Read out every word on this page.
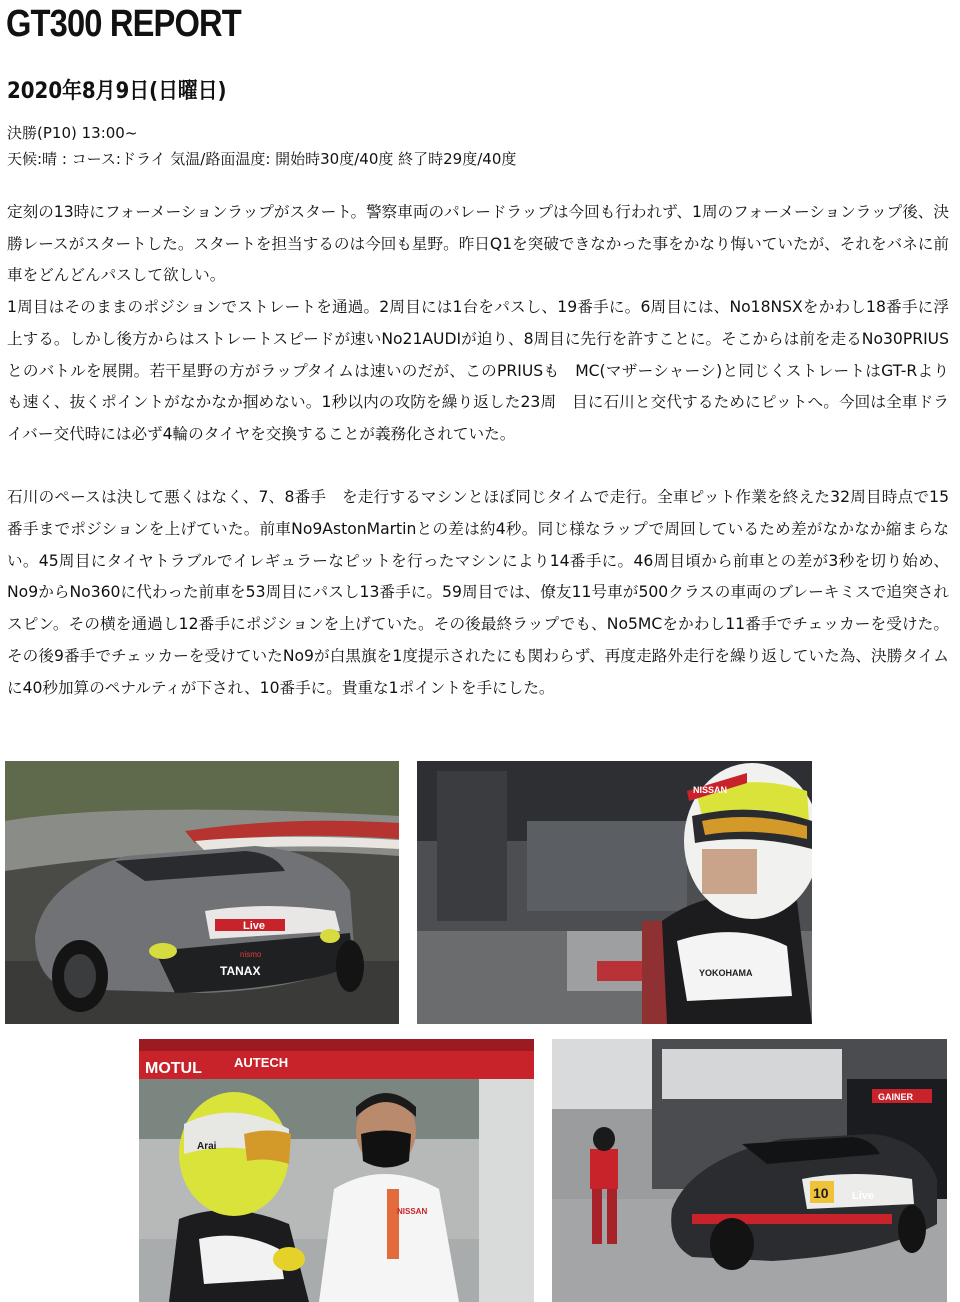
GT300 REPORT
2020年8月9日(日曜日)
決勝(P10) 13:00~
天候:晴 : コース:ドライ 気温/路面温度: 開始時30度/40度 終了時29度/40度

定刻の13時にフォーメーションラップがスタート。警察車両のパレードラップは今回も行われず、1周のフォーメーションラップ後、決勝レースがスタートした。スタートを担当するのは今回も星野。昨日Q1を突破できなかった事をかなり悔いていたが、それをバネに前車をどんどんパスして欲しい。

1周目はそのままのポジションでストレートを通過。2周目には1台をパスし、19番手に。6周目には、No18NSXをかわし18番手に浮上する。しかし後方からはストレートスピードが速いNo21AUDIが迫り、8周目に先行を許すことに。そこからは前を走るNo30PRIUSとのバトルを展開。若干星野の方がラップタイムは速いのだが、このPRIUSも　MC(マザーシャーシ)と同じくストレートはGT-Rよりも速く、抜くポイントがなかなか掴めない。1秒以内の攻防を繰り返した23周　目に石川と交代するためにピットへ。今回は全車ドライバー交代時には必ず4輪のタイヤを交換することが義務化されていた。

石川のペースは決して悪くはなく、7、8番手　を走行するマシンとほぼ同じタイムで走行。全車ピット作業を終えた32周目時点で15番手までポジションを上げていた。前車No9AstonMartinとの差は約4秒。同じ様なラップで周回しているため差がなかなか縮まらない。45周目にタイヤトラブルでイレギュラーなピットを行ったマシンにより14番手に。46周目頃から前車との差が3秒を切り始め、No9からNo360に代わった前車を53周目にパスし13番手に。59周目では、僚友11号車が500クラスの車両のブレーキミスで追突されスピン。その横を通過し12番手にポジションを上げていた。その後最終ラップでも、No5MCをかわし11番手でチェッカーを受けた。その後9番手でチェッカーを受けていたNo9が白黒旗を1度提示されたにも関わらず、再度走路外走行を繰り返していた為、決勝タイムに40秒加算のペナルティが下され、10番手に。貴重な1ポイントを手にした。

Live
TANAX
nismo
YOKOHAMA
NISSAN
MOTUL AUTECH
NISSAN
Arai
GAINER
10 Live
